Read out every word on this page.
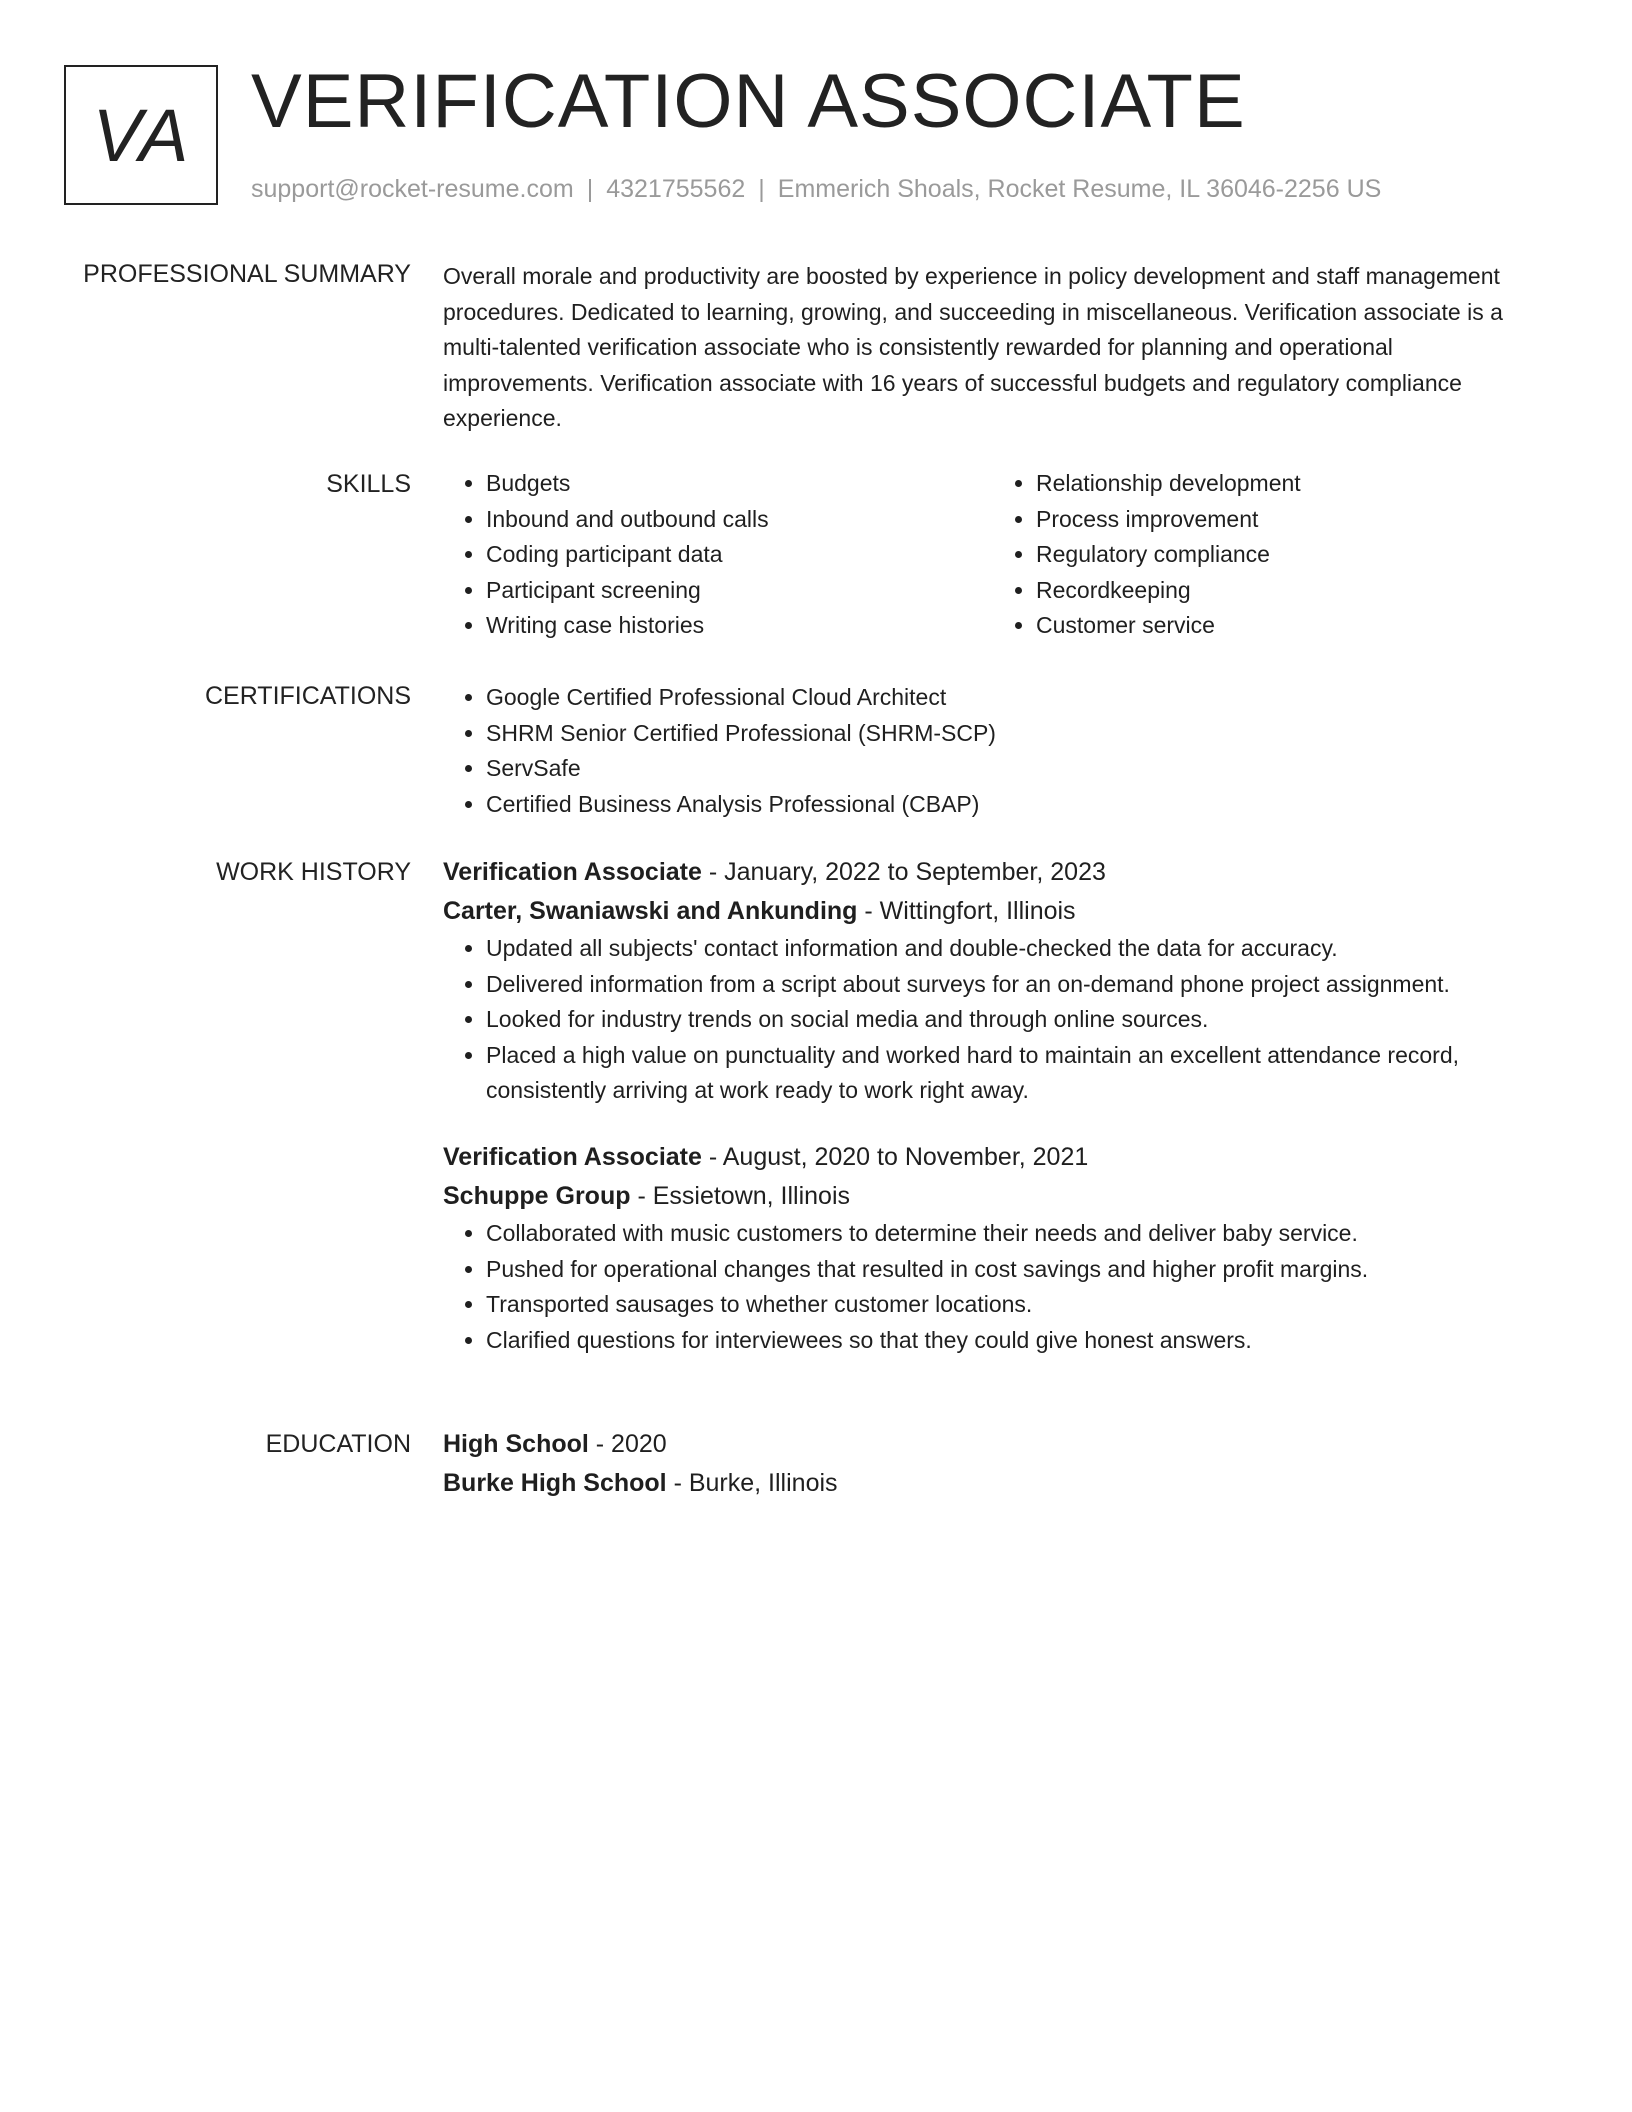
VA VERIFICATION ASSOCIATE
support@rocket-resume.com | 4321755562 | Emmerich Shoals, Rocket Resume, IL 36046-2256 US
PROFESSIONAL SUMMARY Overall morale and productivity are boosted by experience in policy development and staff management procedures. Dedicated to learning, growing, and succeeding in miscellaneous. Verification associate is a multi-talented verification associate who is consistently rewarded for planning and operational improvements. Verification associate with 16 years of successful budgets and regulatory compliance experience.

SKILLS	• Budgets
• Inbound and outbound calls
• Coding participant data
• Participant screening
• Writing case histories
• Relationship development
• Process improvement
• Regulatory compliance
• Recordkeeping
• Customer service
CERTIFICATIONS	• Google Certified Professional Cloud Architect
• SHRM Senior Certified Professional (SHRM-SCP)
• ServSafe
• Certified Business Analysis Professional (CBAP)
WORK HISTORY Verification Associate - January, 2022 to September, 2023
Carter, Swaniawski and Ankunding - Wittingfort, Illinois
• Updated all subjects' contact information and double-checked the data for accuracy.
• Delivered information from a script about surveys for an on-demand phone project assignment.
• Looked for industry trends on social media and through online sources.
• Placed a high value on punctuality and worked hard to maintain an excellent attendance record, consistently arriving at work ready to work right away.
Verification Associate - August, 2020 to November, 2021
Schuppe Group - Essietown, Illinois
• Collaborated with music customers to determine their needs and deliver baby service.
• Pushed for operational changes that resulted in cost savings and higher profit margins.
• Transported sausages to whether customer locations.
• Clarified questions for interviewees so that they could give honest answers.
EDUCATION High School - 2020
Burke High School - Burke, Illinois
